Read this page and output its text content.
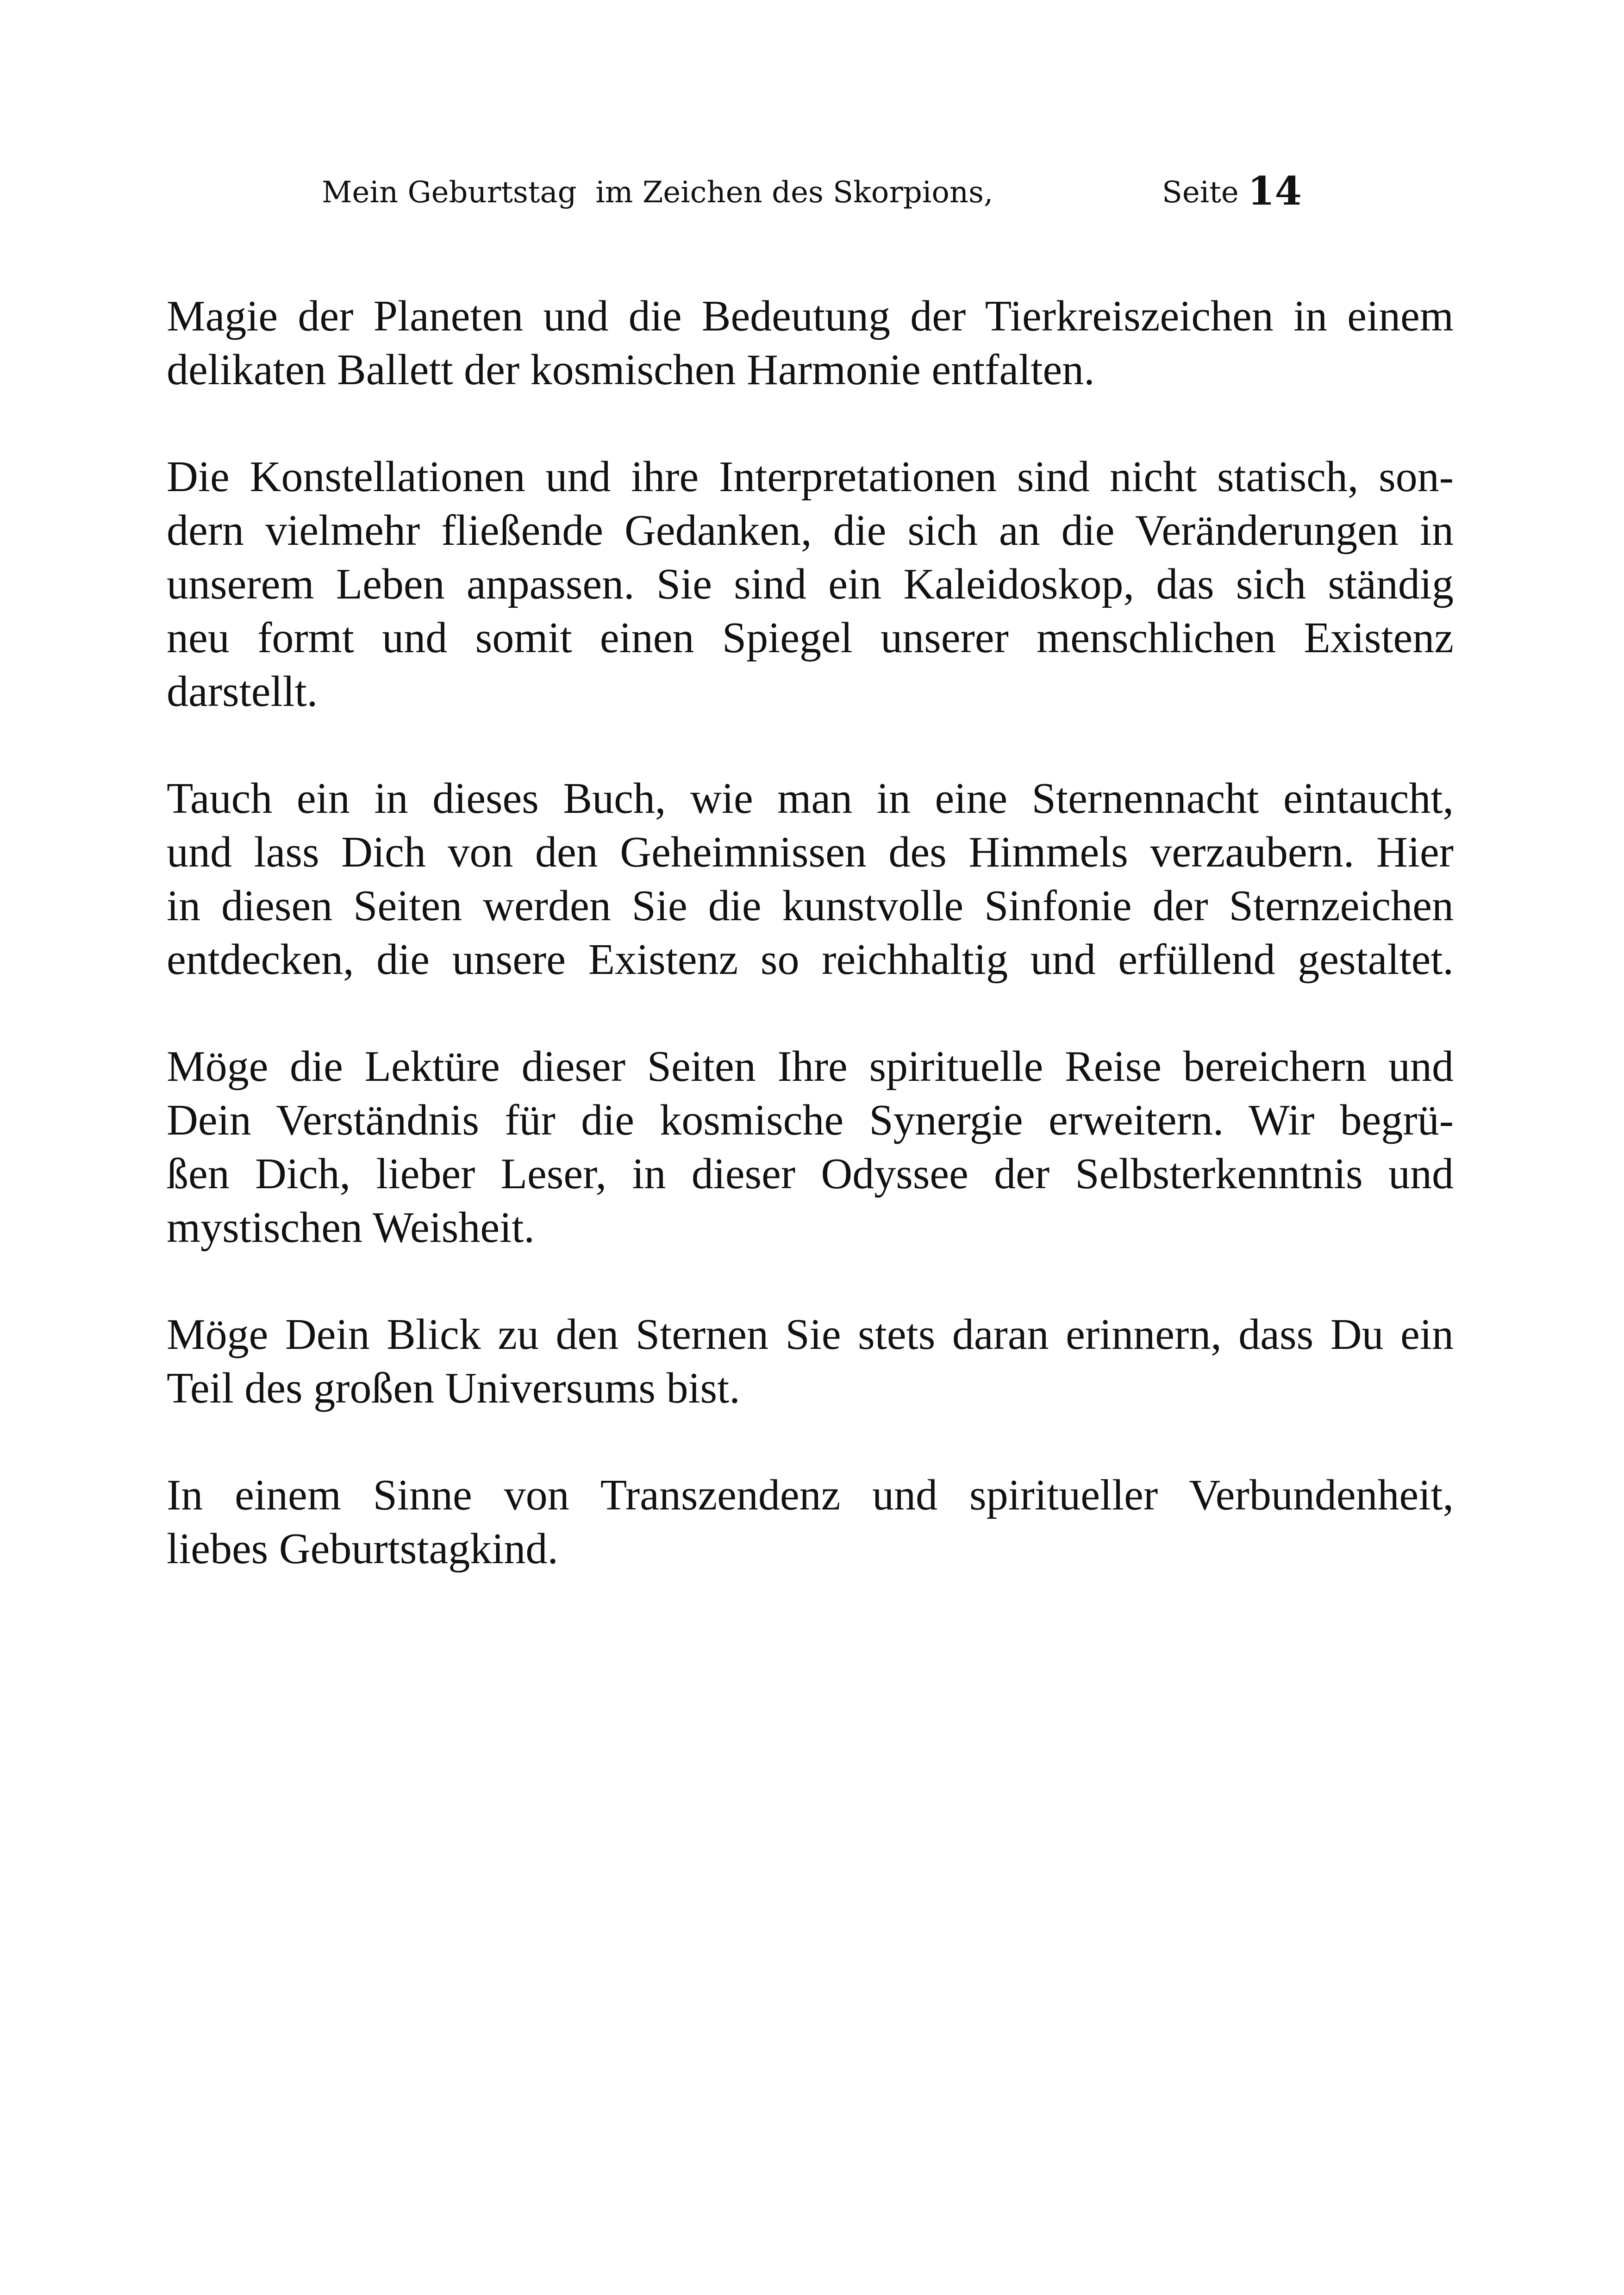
Mein Geburtstag  im Zeichen des Skorpions,	Seite 14

Magie der Planeten und die Bedeutung der Tierkreiszeichen in einem
delikaten Ballett der kosmischen Harmonie entfalten.

Die Konstellationen und ihre Interpretationen sind nicht statisch, son-
dern vielmehr fließende Gedanken, die sich an die Veränderungen in
unserem Leben anpassen. Sie sind ein Kaleidoskop, das sich ständig
neu formt und somit einen Spiegel unserer menschlichen Existenz
darstellt.

Tauch ein in dieses Buch, wie man in eine Sternennacht eintaucht,
und lass Dich von den Geheimnissen des Himmels verzaubern. Hier
in diesen Seiten werden Sie die kunstvolle Sinfonie der Sternzeichen
entdecken, die unsere Existenz so reichhaltig und erfüllend gestaltet.

Möge die Lektüre dieser Seiten Ihre spirituelle Reise bereichern und
Dein Verständnis für die kosmische Synergie erweitern. Wir begrü-
ßen Dich, lieber Leser, in dieser Odyssee der Selbsterkenntnis und
mystischen Weisheit.

Möge Dein Blick zu den Sternen Sie stets daran erinnern, dass Du ein
Teil des großen Universums bist.

In einem Sinne von Transzendenz und spiritueller Verbundenheit,
liebes Geburtstagkind.
